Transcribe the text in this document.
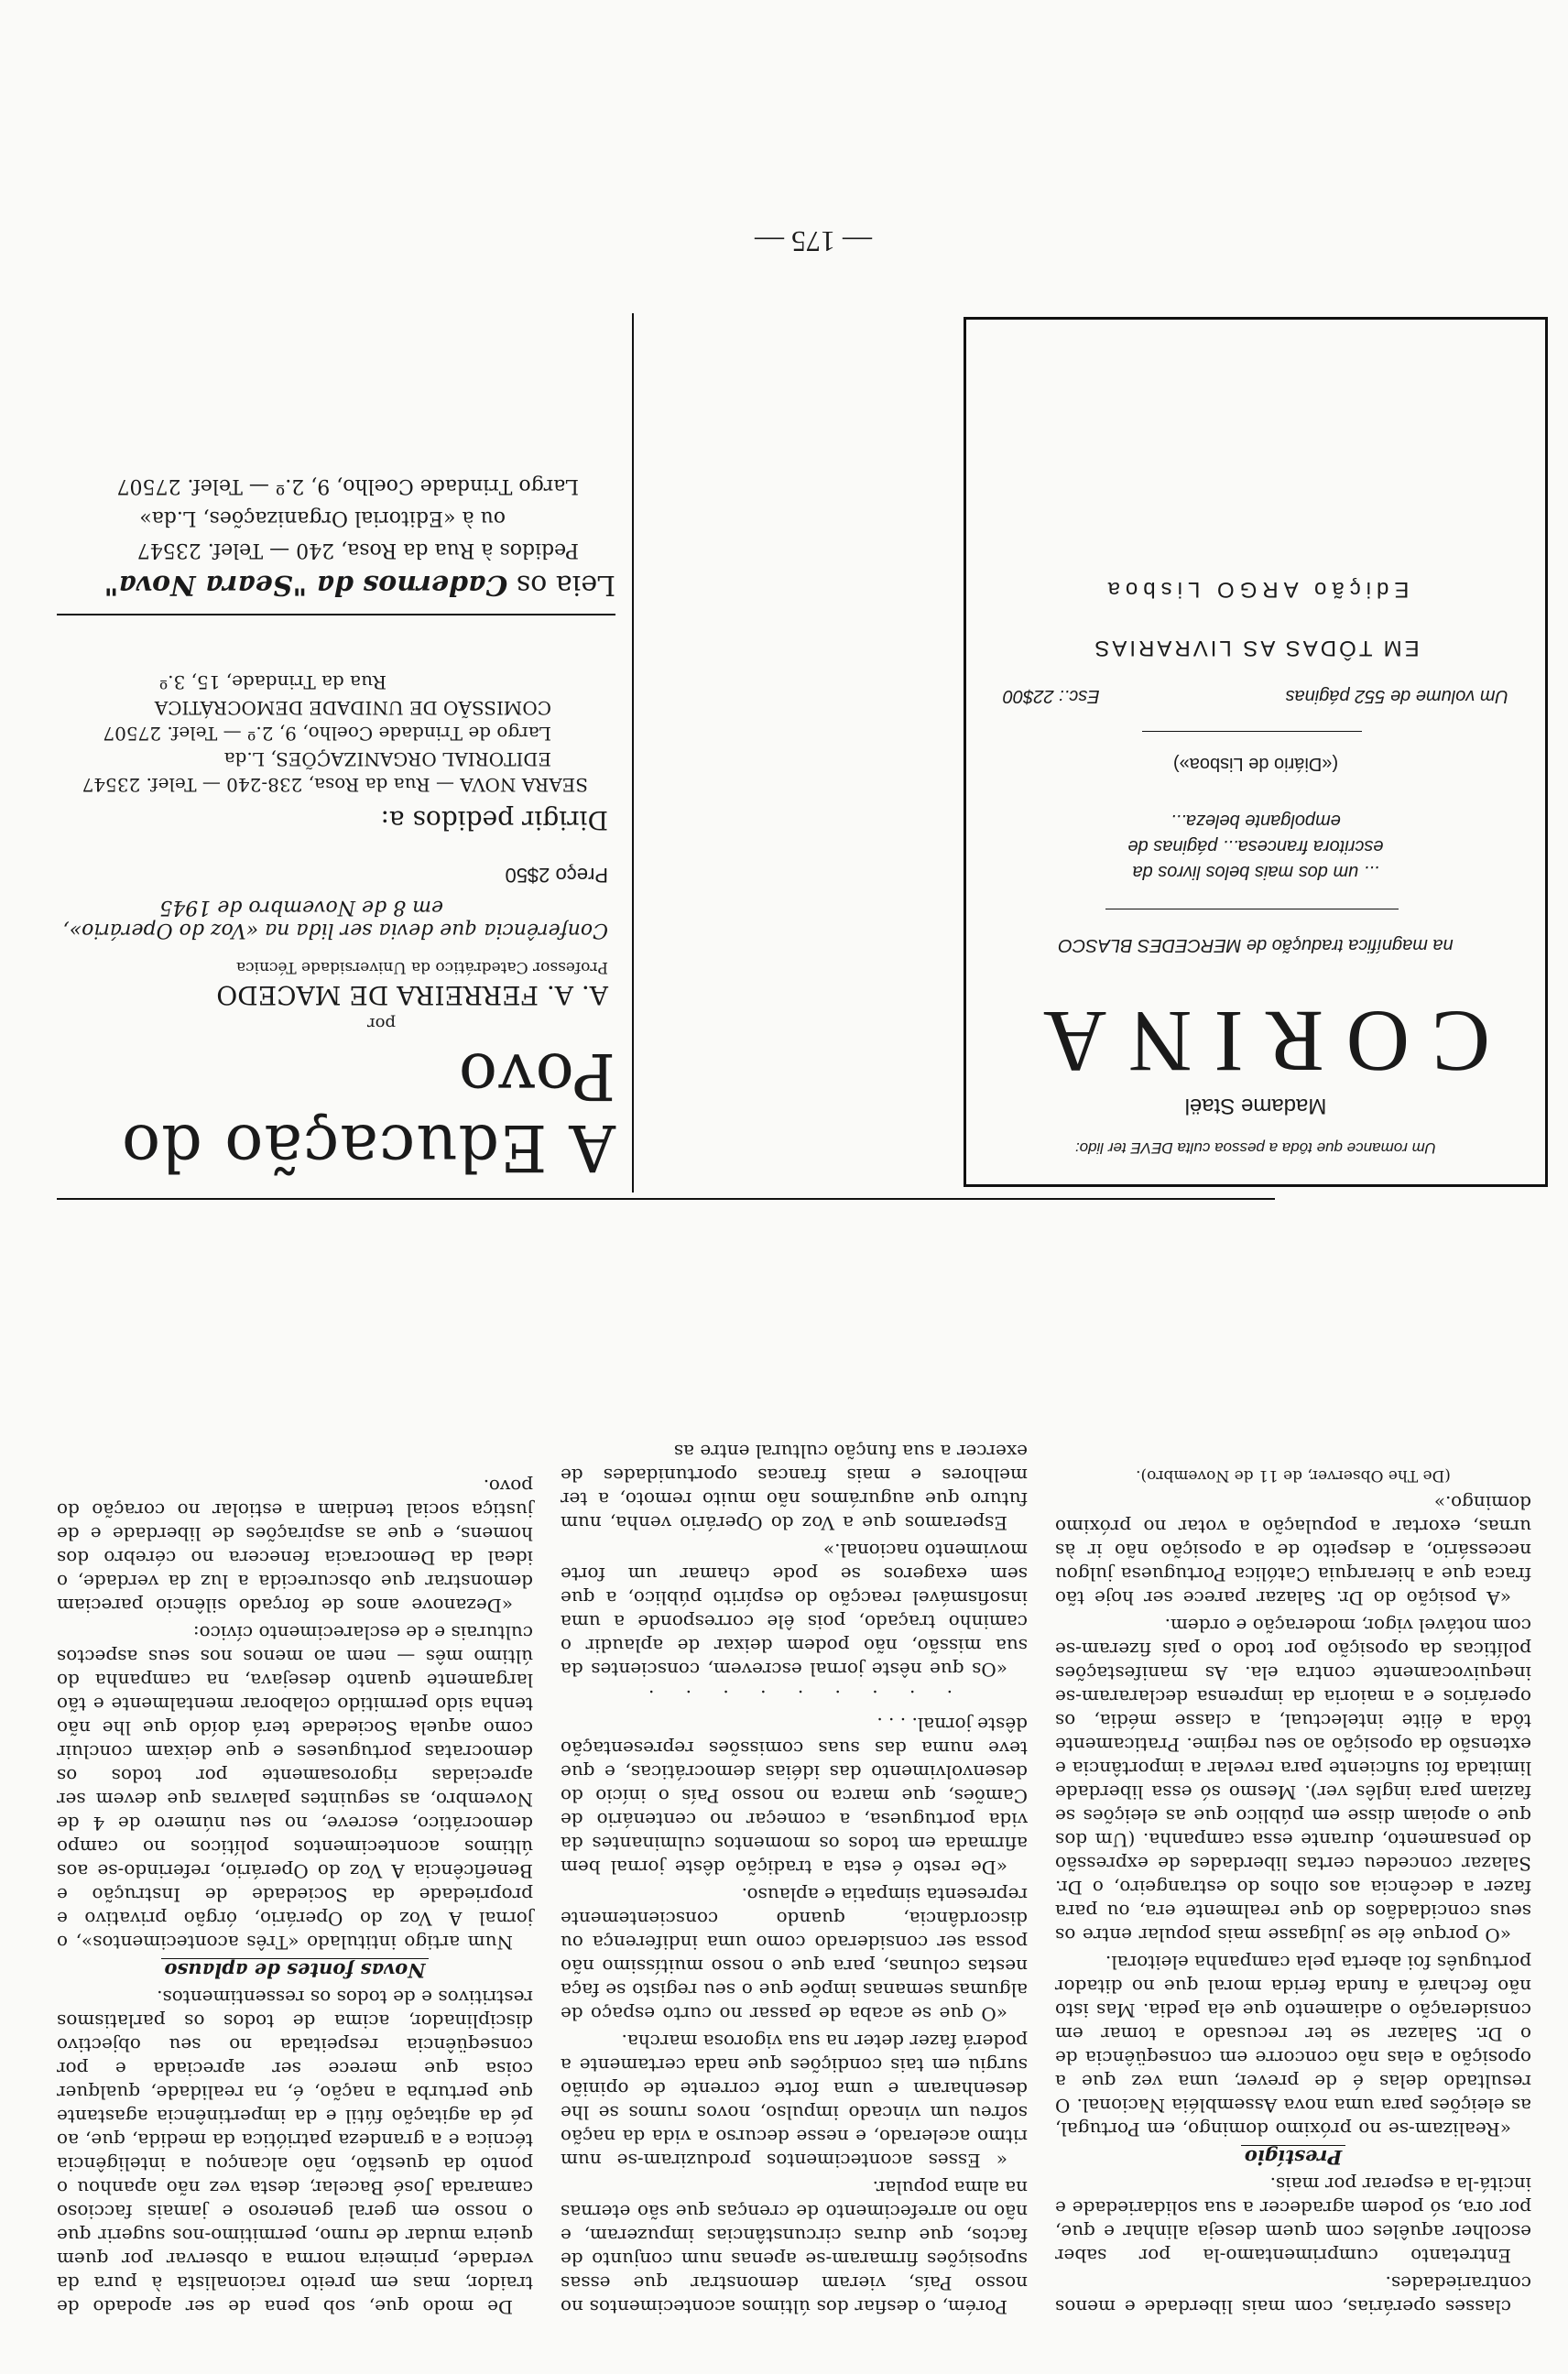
— 175 —

De modo que, sob pena de ser apodado de traidor, mas em preito racionalista à pura da verdade, primeira norma a observar por quem queira mudar de rumo, permitimo-nos sugerir que o nosso em geral generoso e jamais faccioso camarada José Bacelar, desta vez não apanhou o ponto da questão, não alcançou a inteligência técnica e a grandeza patriótica da medida, que, ao pé da agitação fútil e da impertinência agastante que perturba a nação, é, na realidade, qualquer coisa que merece ser apreciada e por conseqüência respeitada no seu objectivo disciplinador, acima de todos os parlatismos restritivos e de todos os ressentimentos.

Novas fontes de aplauso

Num artigo intitulado «Três acontecimentos», o jornal A Voz do Operário, órgão privativo e propriedade da Sociedade de Instrução e Beneficência A Voz do Operário, referindo-se aos últimos acontecimentos políticos no campo democrático, escreve, no seu número de 4 de Novembro, as seguintes palavras que devem ser apreciadas rigorosamente por todos os democratas portugueses e que deixam concluir como aquela Sociedade terá doído que lhe não tenha sido permitido colaborar mentalmente e tão largamente quanto desejava, na campanha do último mês — nem ao menos nos seus aspectos culturais e de esclarecimento cívico:

«Dezanove anos de forçado silêncio pareciam demonstrar que obscurecida a luz da verdade, o ideal da Democracia fenecera no cérebro dos homens, e que as aspirações de liberdade e de justiça social tendiam a estiolar no coração do povo.

Porém, o desfiar dos últimos acontecimentos no nosso País, vieram demonstrar que essas suposições firmaram-se apenas num conjunto de factos, que duras circunstâncias impuzeram, e não no arrefecimento de crenças que são eternas na alma popular.

« Esses acontecimentos produziram-se num ritmo acelerado, e nesse decurso a vida da nação sofreu um vincado impulso, novos rumos se lhe desenharam e uma forte corrente de opinião surgiu em tais condições que nada certamente a poderá fazer deter na sua vigorosa marcha.

«O que se acaba de passar no curto espaço de algumas semanas impõe que o seu registo se faça nestas colunas, para que o nosso muitíssimo não possa ser considerado como uma indiferença ou discordância, quando conscientemente representa simpatia e aplauso.

«De resto é esta a tradição dêste jornal bem afirmada em todos os momentos culminantes da vida portuguesa, a começar no centenário de Camões, que marca no nosso País o início do desenvolvimento das idéias democráticas, e que teve numa das suas comissões representação dêste jornal. . . .

. . . . . . . . .

«Os que nêste jornal escrevem, conscientes da sua missão, não podem deixar de aplaudir o caminho traçado, pois êle corresponde a uma insofismável reacção do espírito público, a que sem exageros se pode chamar um forte movimento nacional.»

Esperamos que a Voz do Operário venha, num futuro que augurámos não muito remoto, a ter melhores e mais francas oportunidades de exercer a sua função cultural entre as

classes operárias, com mais liberdade e menos contrariedades.

Entretanto cumprimentamo-la por saber escolher aquêles com quem deseja alinhar e que, por ora, só podem agradecer a sua solidariedade e incitá-la a esperar por mais.

Prestígio

«Realizam-se no próximo domingo, em Portugal, as eleições para uma nova Assembléia Nacional. O resultado delas é de prever, uma vez que a oposição a elas não concorre em conseqüência de o Dr. Salazar se ter recusado a tomar em consideração o adiamento que ela pedia. Mas isto não fechará a funda ferida moral que no ditador português foi aberta pela campanha eleitoral.

«O porque êle se julgasse mais popular entre os seus concidadãos do que realmente era, ou para fazer a decência aos olhos do estrangeiro, o Dr. Salazar concedeu certas liberdades de expressão do pensamento, durante essa campanha. (Um dos que o apoiam disse em público que as eleições se faziam para inglês ver). Mesmo só essa liberdade limitada foi suficiente para revelar a importância e extensão da oposição ao seu regime. Praticamente tôda a élite intelectual, a classe média, os operários e a maioria da imprensa declararam-se inequivocamente contra ela. As manifestações políticas da oposição por todo o país fizeram-se com notável vigor, moderação e ordem.

«A posição do Dr. Salazar parece ser hoje tão fraca que a hierarquia Católica Portuguesa julgou necessário, a despeito de a oposição não ir às urnas, exortar a população a votar no próximo domingo.»

(De The Observer, de 11 de Novembro).

A Educação do Povo
por
A. A. FERREIRA DE MACEDO
Professor Catedrático da Universidade Técnica
Conferência que devia ser lida na «Voz do Operário»,
em 8 de Novembro de 1945
Preço 2$50
Dirigir pedidos a:
SEARA NOVA — Rua da Rosa, 238-240 — Telef. 23547
EDITORIAL ORGANIZAÇÕES, L.da
Largo de Trindade Coelho, 9, 2.º — Telef. 27507
COMISSÃO DE UNIDADE DEMOCRÁTICA
Rua da Trindade, 15, 3.º
Leia os Cadernos da "Seara Nova"
Pedidos à Rua da Rosa, 240 — Telef. 23547
ou à «Editorial Organizações, L.da»
Largo Trindade Coelho, 9, 2.º — Telef. 27507
Um romance que tôda a pessoa culta DEVE ter lido:
Madame Staël
CORINA
na magnífica tradução de MERCEDES BLASCO
... um dos mais belos livros da
escritora francesa... páginas de
empolgante beleza...
(«Diário de Lisboa»)
Um volume de 552 páginas
Esc.: 22$00
EM TÔDAS AS LIVRARIAS
Edição ARGO Lisboa
